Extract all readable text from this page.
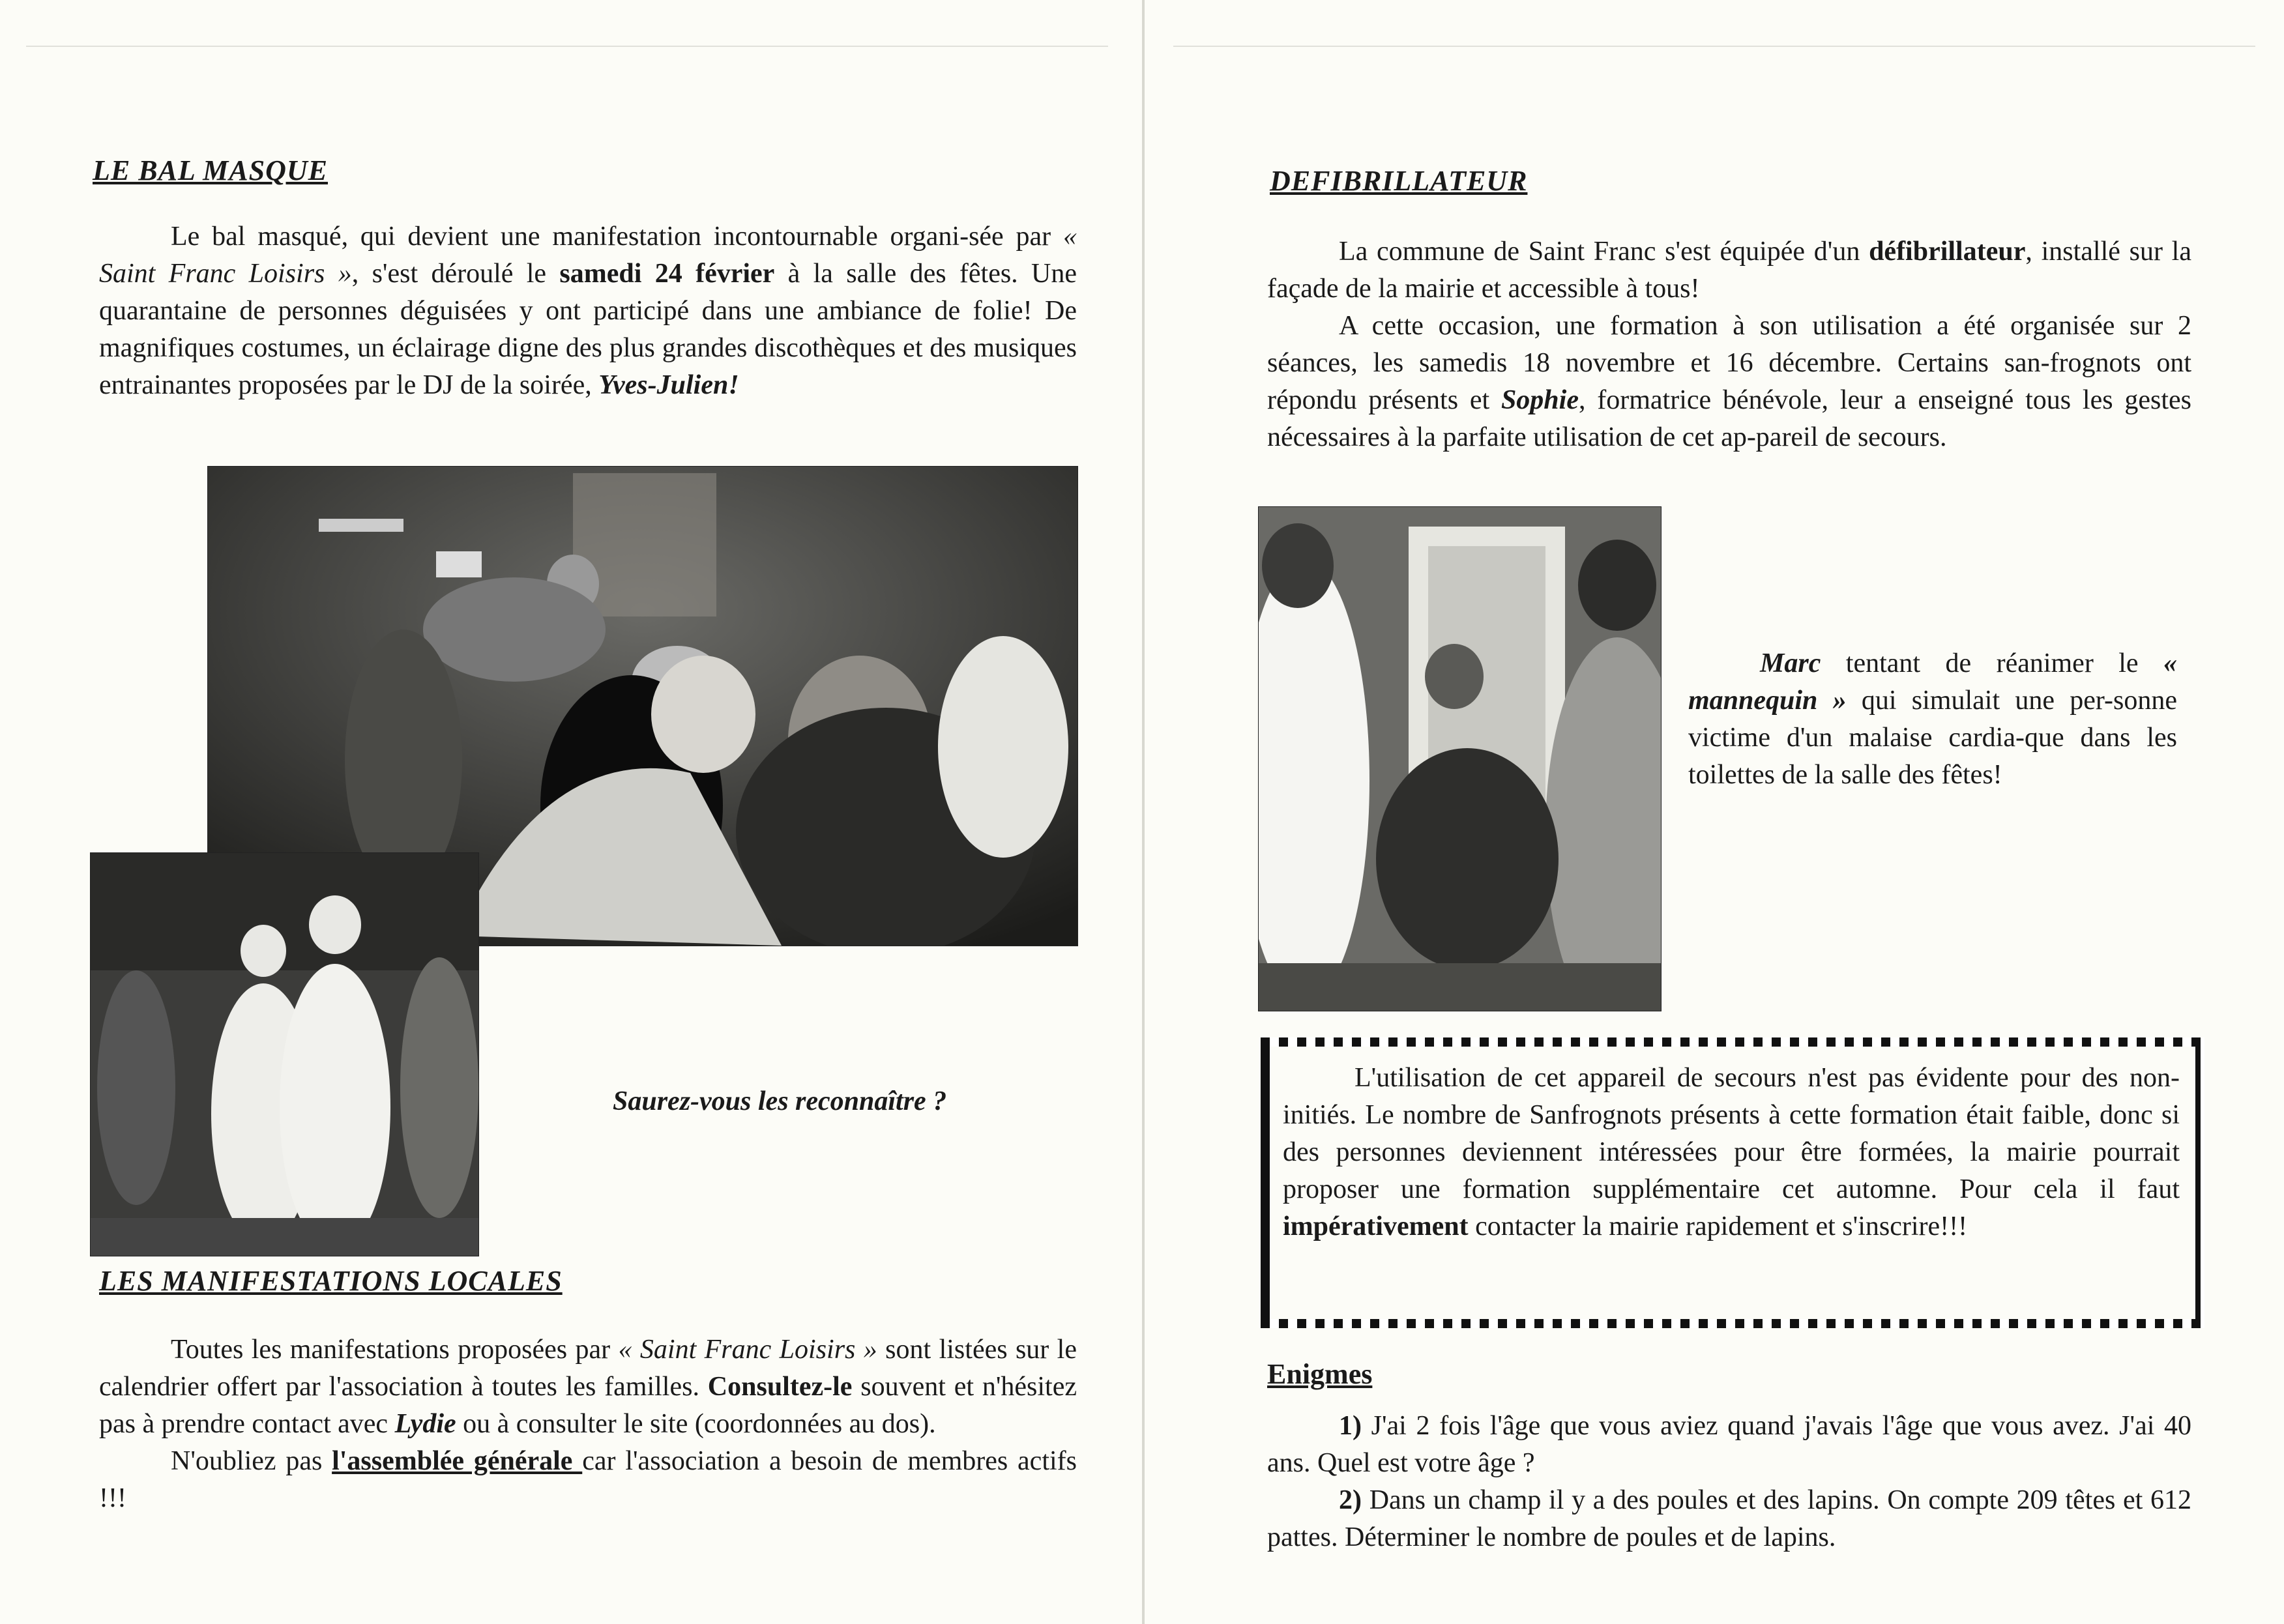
LE BAL MASQUE

Le bal masqué, qui devient une manifestation incontournable organi-sée par « Saint Franc Loisirs », s'est déroulé le samedi 24 février à la salle des fêtes. Une quarantaine de personnes déguisées y ont participé dans une ambiance de folie! De magnifiques costumes, un éclairage digne des plus grandes discothèques et des musiques entrainantes proposées par le DJ de la soirée, Yves-Julien!

Saurez-vous les reconnaître ?
LES MANIFESTATIONS LOCALES

Toutes les manifestations proposées par « Saint Franc Loisirs » sont listées sur le calendrier offert par l'association à toutes les familles. Consultez-le souvent et n'hésitez pas à prendre contact avec Lydie ou à consulter le site (coordonnées au dos).

N'oubliez pas l'assemblée générale car l'association a besoin de membres actifs !!!

DEFIBRILLATEUR

La commune de Saint Franc s'est équipée d'un défibrillateur, installé sur la façade de la mairie et accessible à tous!

A cette occasion, une formation à son utilisation a été organisée sur 2 séances, les samedis 18 novembre et 16 décembre. Certains san-frognots ont répondu présents et Sophie, formatrice bénévole, leur a enseigné tous les gestes nécessaires à la parfaite utilisation de cet ap-pareil de secours.

Marc tentant de réanimer le « mannequin » qui simulait une per-sonne victime d'un malaise cardia-que dans les toilettes de la salle des fêtes!

L'utilisation de cet appareil de secours n'est pas évidente pour des non-initiés. Le nombre de Sanfrognots présents à cette formation était faible, donc si des personnes deviennent intéressées pour être formées, la mairie pourrait proposer une formation supplémentaire cet automne. Pour cela il faut impérativement contacter la mairie rapidement et s'inscrire!!!

Enigmes

1) J'ai 2 fois l'âge que vous aviez quand j'avais l'âge que vous avez. J'ai 40 ans. Quel est votre âge ?

2) Dans un champ il y a des poules et des lapins. On compte 209 têtes et 612 pattes. Déterminer le nombre de poules et de lapins.
